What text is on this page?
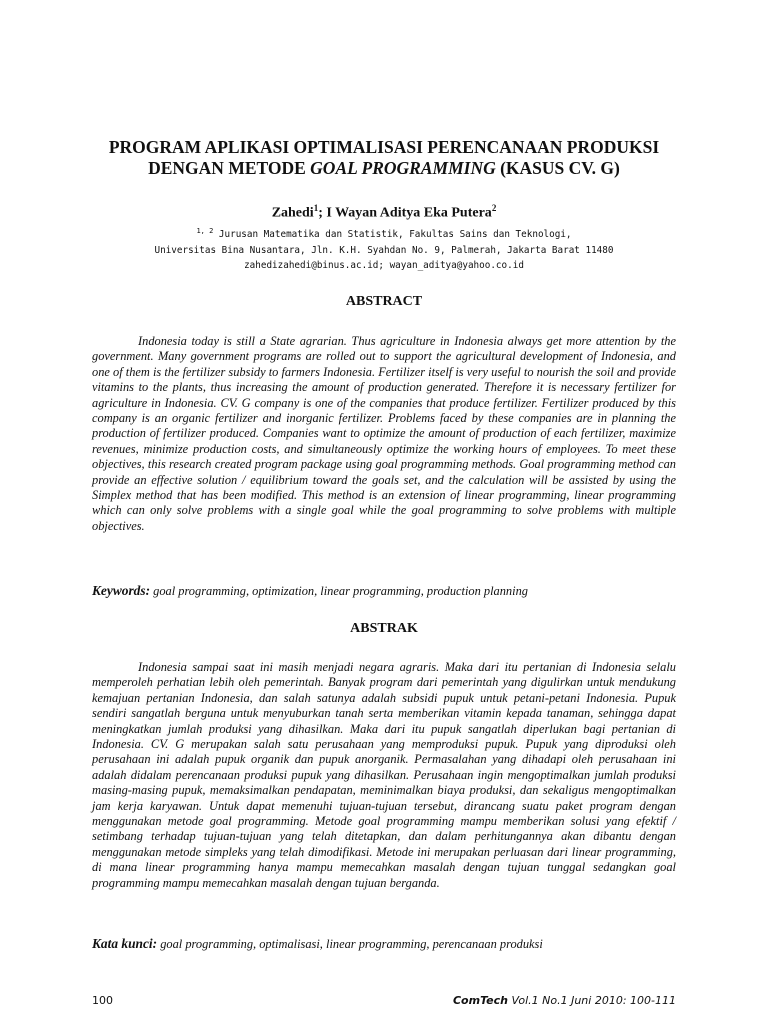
PROGRAM APLIKASI OPTIMALISASI PERENCANAAN PRODUKSI
DENGAN METODE GOAL PROGRAMMING (KASUS CV. G)
Zahedi$^1$; I Wayan Aditya Eka Putera$^2$
$^{1, 2}$ Jurusan Matematika dan Statistik, Fakultas Sains dan Teknologi,
Universitas Bina Nusantara, Jln. K.H. Syahdan No. 9, Palmerah, Jakarta Barat 11480
zahedizahedi@binus.ac.id; wayan_aditya@yahoo.co.id
ABSTRACT

Indonesia today is still a State agrarian. Thus agriculture in Indonesia always get more attention by the government. Many government programs are rolled out to support the agricultural development of Indonesia, and one of them is the fertilizer subsidy to farmers Indonesia. Fertilizer itself is very useful to nourish the soil and provide vitamins to the plants, thus increasing the amount of production generated. Therefore it is necessary fertilizer for agriculture in Indonesia. CV. G company is one of the companies that produce fertilizer. Fertilizer produced by this company is an organic fertilizer and inorganic fertilizer. Problems faced by these companies are in planning the production of fertilizer produced. Companies want to optimize the amount of production of each fertilizer, maximize revenues, minimize production costs, and simultaneously optimize the working hours of employees. To meet these objectives, this research created program package using goal programming methods. Goal programming method can provide an effective solution / equilibrium toward the goals set, and the calculation will be assisted by using the Simplex method that has been modified. This method is an extension of linear programming, linear programming which can only solve problems with a single goal while the goal programming to solve problems with multiple objectives.

Keywords: goal programming, optimization, linear programming, production planning

ABSTRAK

Indonesia sampai saat ini masih menjadi negara agraris. Maka dari itu pertanian di Indonesia selalu memperoleh perhatian lebih oleh pemerintah. Banyak program dari pemerintah yang digulirkan untuk mendukung kemajuan pertanian Indonesia, dan salah satunya adalah subsidi pupuk untuk petani-petani Indonesia. Pupuk sendiri sangatlah berguna untuk menyuburkan tanah serta memberikan vitamin kepada tanaman, sehingga dapat meningkatkan jumlah produksi yang dihasilkan. Maka dari itu pupuk sangatlah diperlukan bagi pertanian di Indonesia. CV. G merupakan salah satu perusahaan yang memproduksi pupuk. Pupuk yang diproduksi oleh perusahaan ini adalah pupuk organik dan pupuk anorganik. Permasalahan yang dihadapi oleh perusahaan ini adalah didalam perencanaan produksi pupuk yang dihasilkan. Perusahaan ingin mengoptimalkan jumlah produksi masing-masing pupuk, memaksimalkan pendapatan, meminimalkan biaya produksi, dan sekaligus mengoptimalkan jam kerja karyawan. Untuk dapat memenuhi tujuan-tujuan tersebut, dirancang suatu paket program dengan menggunakan metode goal programming. Metode goal programming mampu memberikan solusi yang efektif / setimbang terhadap tujuan-tujuan yang telah ditetapkan, dan dalam perhitungannya akan dibantu dengan menggunakan metode simpleks yang telah dimodifikasi. Metode ini merupakan perluasan dari linear programming, di mana linear programming hanya mampu memecahkan masalah dengan tujuan tunggal sedangkan goal programming mampu memecahkan masalah dengan tujuan berganda.

Kata kunci: goal programming, optimalisasi, linear programming, perencanaan produksi

100	ComTech Vol.1 No.1 Juni 2010: 100-111
